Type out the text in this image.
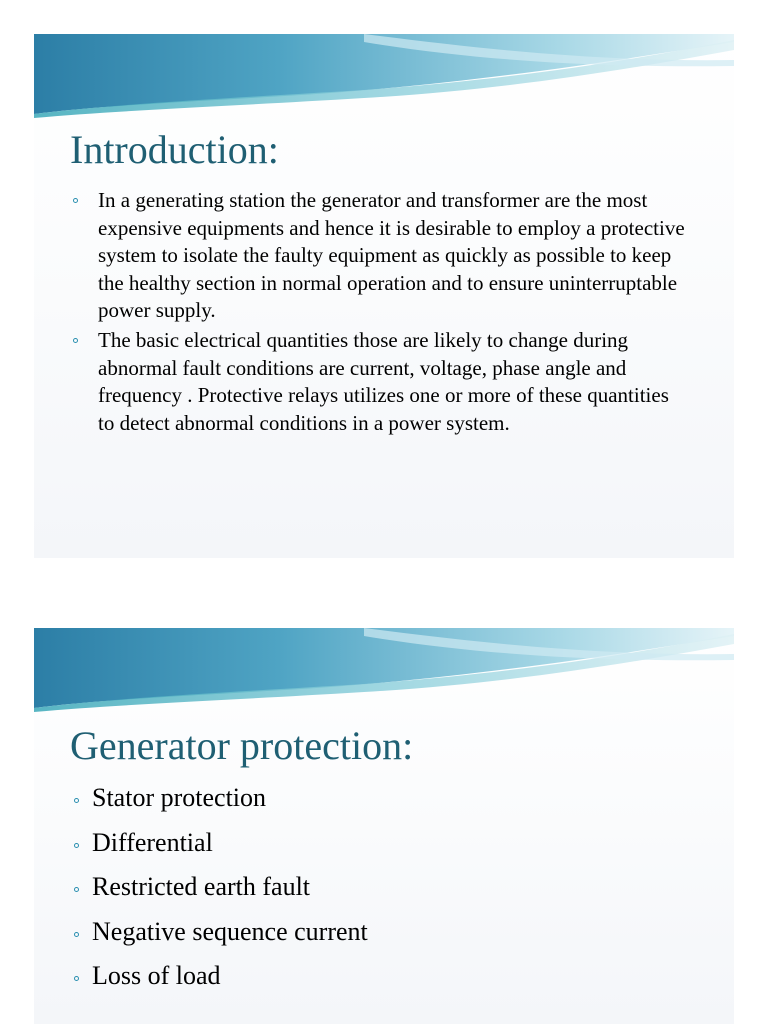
Introduction:
In a generating station the generator and transformer are the most expensive equipments and hence it is desirable to employ a protective system to isolate the faulty equipment as quickly as possible to keep the healthy section in normal operation and to ensure uninterruptable power supply.
The basic electrical quantities those are likely to change during abnormal fault conditions are current, voltage, phase angle and frequency . Protective relays utilizes one or more of these quantities to detect abnormal conditions in a power system.
Generator protection:
Stator protection
Differential
Restricted earth fault
Negative sequence current
Loss of load
